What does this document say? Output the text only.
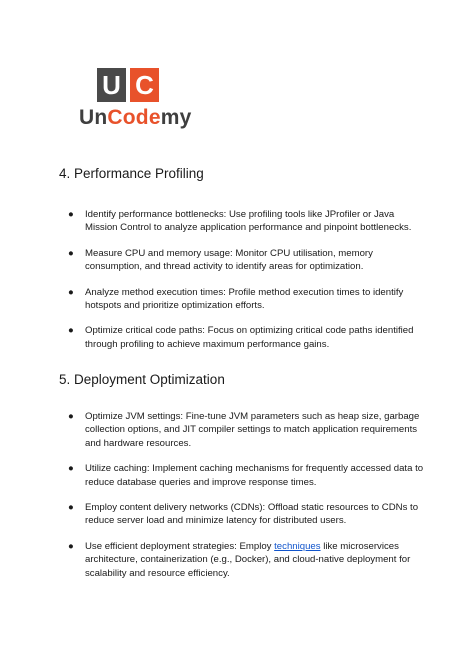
U C
UnCodemy
4. Performance Profiling
● Identify performance bottlenecks: Use profiling tools like JProfiler or Java Mission Control to analyze application performance and pinpoint bottlenecks.
● Measure CPU and memory usage: Monitor CPU utilisation, memory consumption, and thread activity to identify areas for optimization.
● Analyze method execution times: Profile method execution times to identify hotspots and prioritize optimization efforts.
● Optimize critical code paths: Focus on optimizing critical code paths identified through profiling to achieve maximum performance gains.
5. Deployment Optimization
● Optimize JVM settings: Fine-tune JVM parameters such as heap size, garbage collection options, and JIT compiler settings to match application requirements and hardware resources.
● Utilize caching: Implement caching mechanisms for frequently accessed data to reduce database queries and improve response times.
● Employ content delivery networks (CDNs): Offload static resources to CDNs to reduce server load and minimize latency for distributed users.
● Use efficient deployment strategies: Employ techniques like microservices architecture, containerization (e.g., Docker), and cloud-native deployment for scalability and resource efficiency.
